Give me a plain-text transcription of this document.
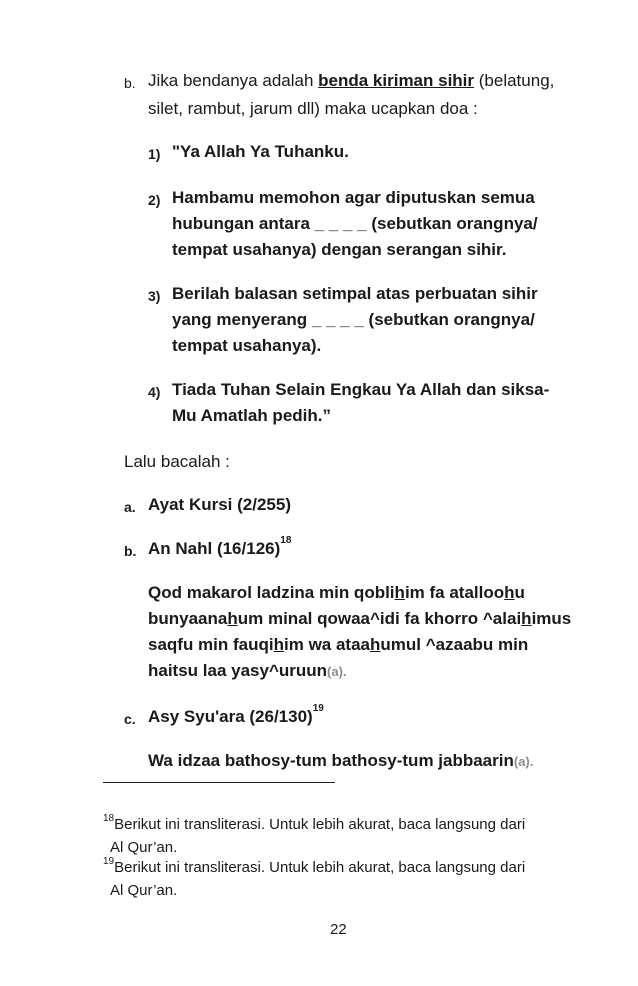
b. Jika bendanya adalah benda kiriman sihir (belatung,
silet, rambut, jarum dll) maka ucapkan doa :
1) "Ya Allah Ya Tuhanku.
2) Hambamu memohon agar diputuskan semua
hubungan antara _ _ _ _ (sebutkan orangnya/
tempat usahanya) dengan serangan sihir.
3) Berilah balasan setimpal atas perbuatan sihir
yang menyerang _ _ _ _ (sebutkan orangnya/
tempat usahanya).
4) Tiada Tuhan Selain Engkau Ya Allah dan siksa-
Mu Amatlah pedih.”
Lalu bacalah :
a. Ayat Kursi (2/255)
b. An Nahl $(16/126)^{18}$
Qod makarol ladzina min qoblihim fa atalloohu
bunyaanahum minal qowaa^idi fa khorro ^alaihimus
saqfu min fauqihim wa ataahumul ^azaabu min
haitsu laa yasy^uruun(a).
c. Asy Syu'ara $(26/130)^{19}$
Wa idzaa bathosy-tum bathosy-tum jabbaarin(a).
$^{18}$Berikut ini transliterasi. Untuk lebih akurat, baca langsung dari
Al Qur’an.
$^{19}$Berikut ini transliterasi. Untuk lebih akurat, baca langsung dari
Al Qur’an.
22
